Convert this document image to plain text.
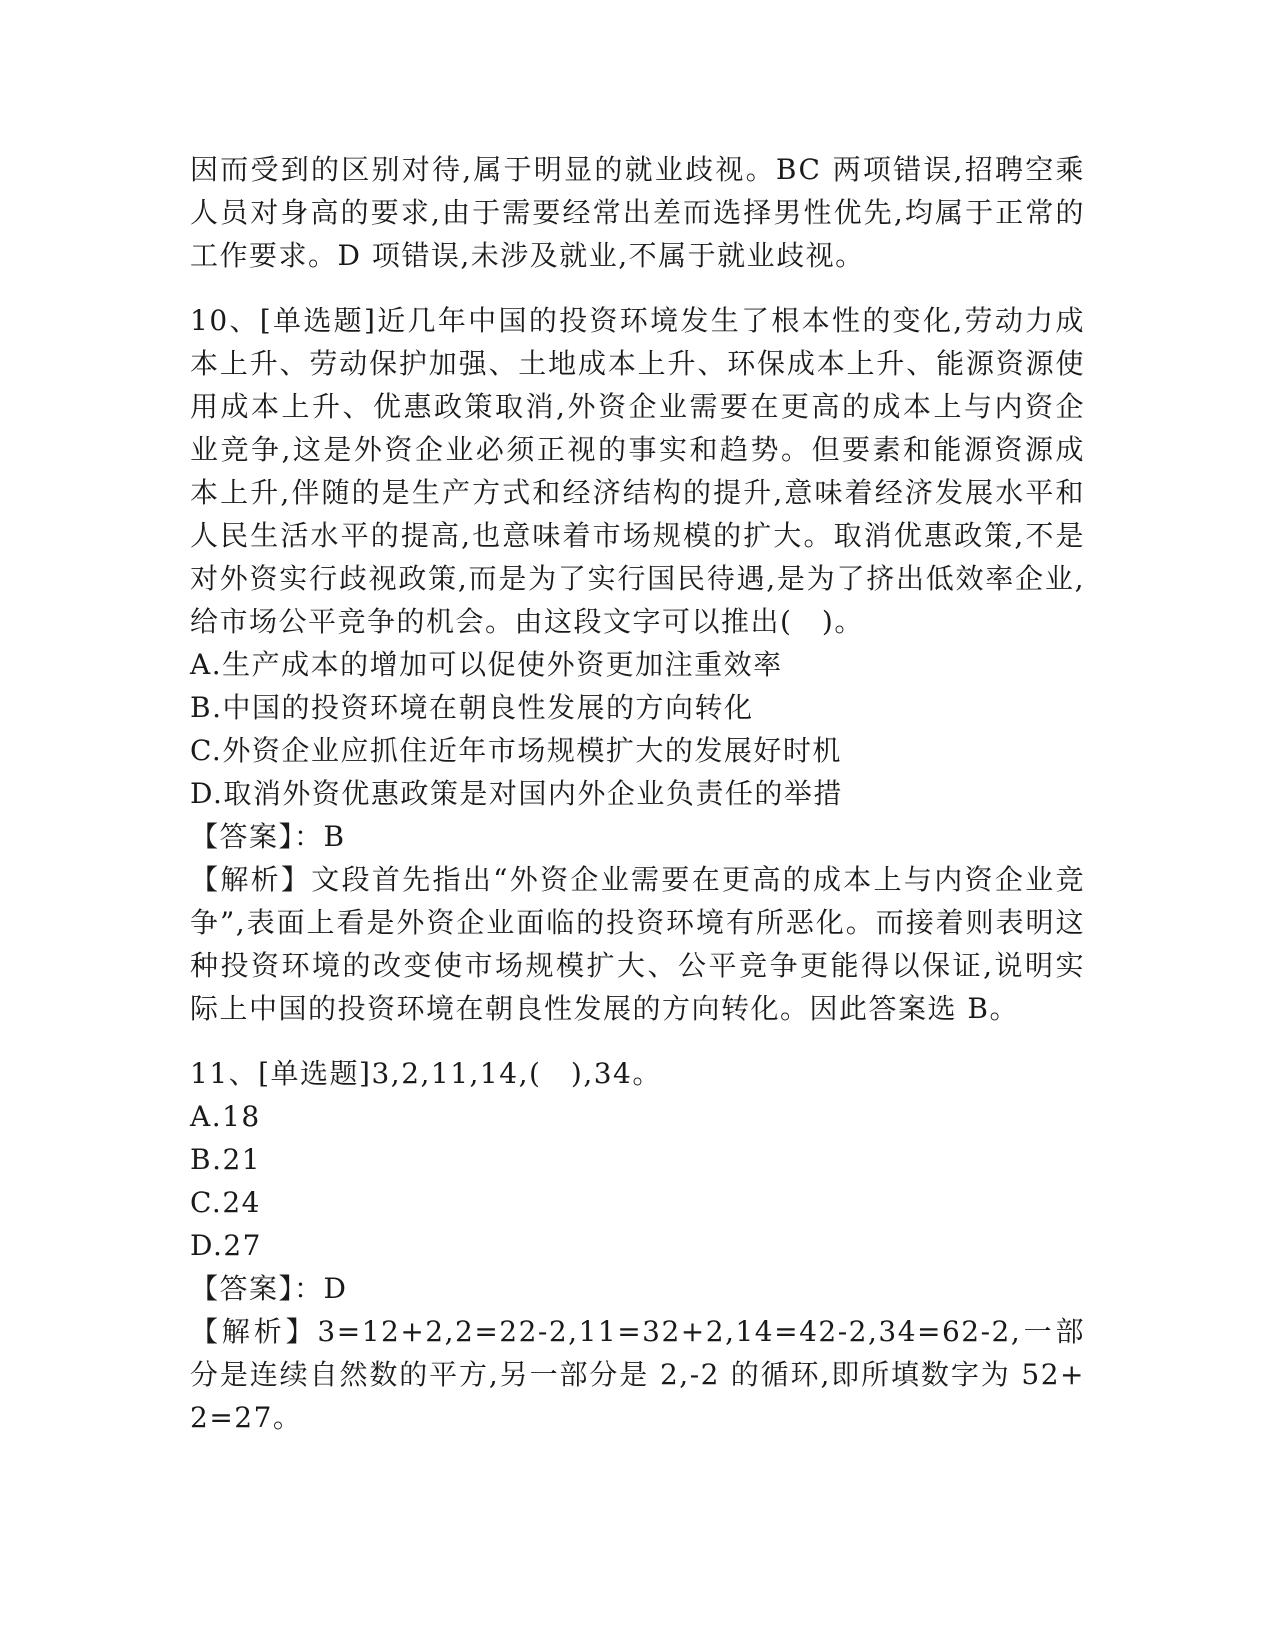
因而受到的区别对待,属于明显的就业歧视。BC 两项错误,招聘空乘人员对身高的要求,由于需要经常出差而选择男性优先,均属于正常的工作要求。D 项错误,未涉及就业,不属于就业歧视。

10、[单选题]近几年中国的投资环境发生了根本性的变化,劳动力成本上升、劳动保护加强、土地成本上升、环保成本上升、能源资源使用成本上升、优惠政策取消,外资企业需要在更高的成本上与内资企业竞争,这是外资企业必须正视的事实和趋势。但要素和能源资源成本上升,伴随的是生产方式和经济结构的提升,意味着经济发展水平和人民生活水平的提高,也意味着市场规模的扩大。取消优惠政策,不是对外资实行歧视政策,而是为了实行国民待遇,是为了挤出低效率企业,给市场公平竞争的机会。由这段文字可以推出(　)。

A.生产成本的增加可以促使外资更加注重效率

B.中国的投资环境在朝良性发展的方向转化

C.外资企业应抓住近年市场规模扩大的发展好时机

D.取消外资优惠政策是对国内外企业负责任的举措

【答案】：B

【解析】文段首先指出“外资企业需要在更高的成本上与内资企业竞争”,表面上看是外资企业面临的投资环境有所恶化。而接着则表明这种投资环境的改变使市场规模扩大、公平竞争更能得以保证,说明实际上中国的投资环境在朝良性发展的方向转化。因此答案选 B。

11、[单选题]3,2,11,14,(　),34。

A.18

B.21

C.24

D.27

【答案】：D

【解析】3=12+2,2=22-2,11=32+2,14=42-2,34=62-2,一部分是连续自然数的平方,另一部分是 2,-2 的循环,即所填数字为 52+2=27。
